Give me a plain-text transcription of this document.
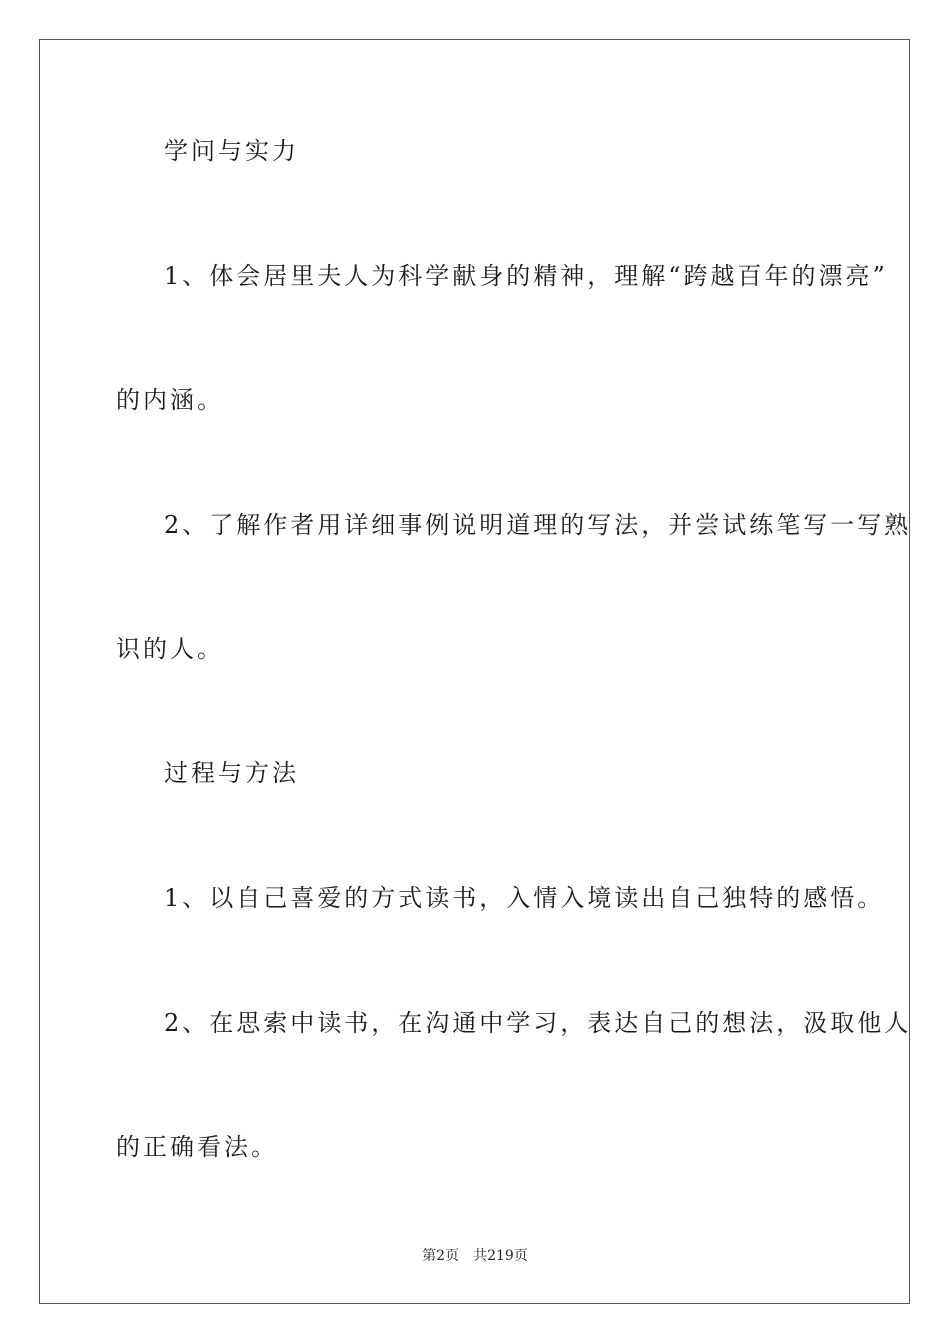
学问与实力

1、体会居里夫人为科学献身的精神，理解“跨越百年的漂亮”

的内涵。

2、了解作者用详细事例说明道理的写法，并尝试练笔写一写熟

识的人。

过程与方法

1、以自己喜爱的方式读书，入情入境读出自己独特的感悟。

2、在思索中读书，在沟通中学习，表达自己的想法，汲取他人

的正确看法。

第2页 共219页
